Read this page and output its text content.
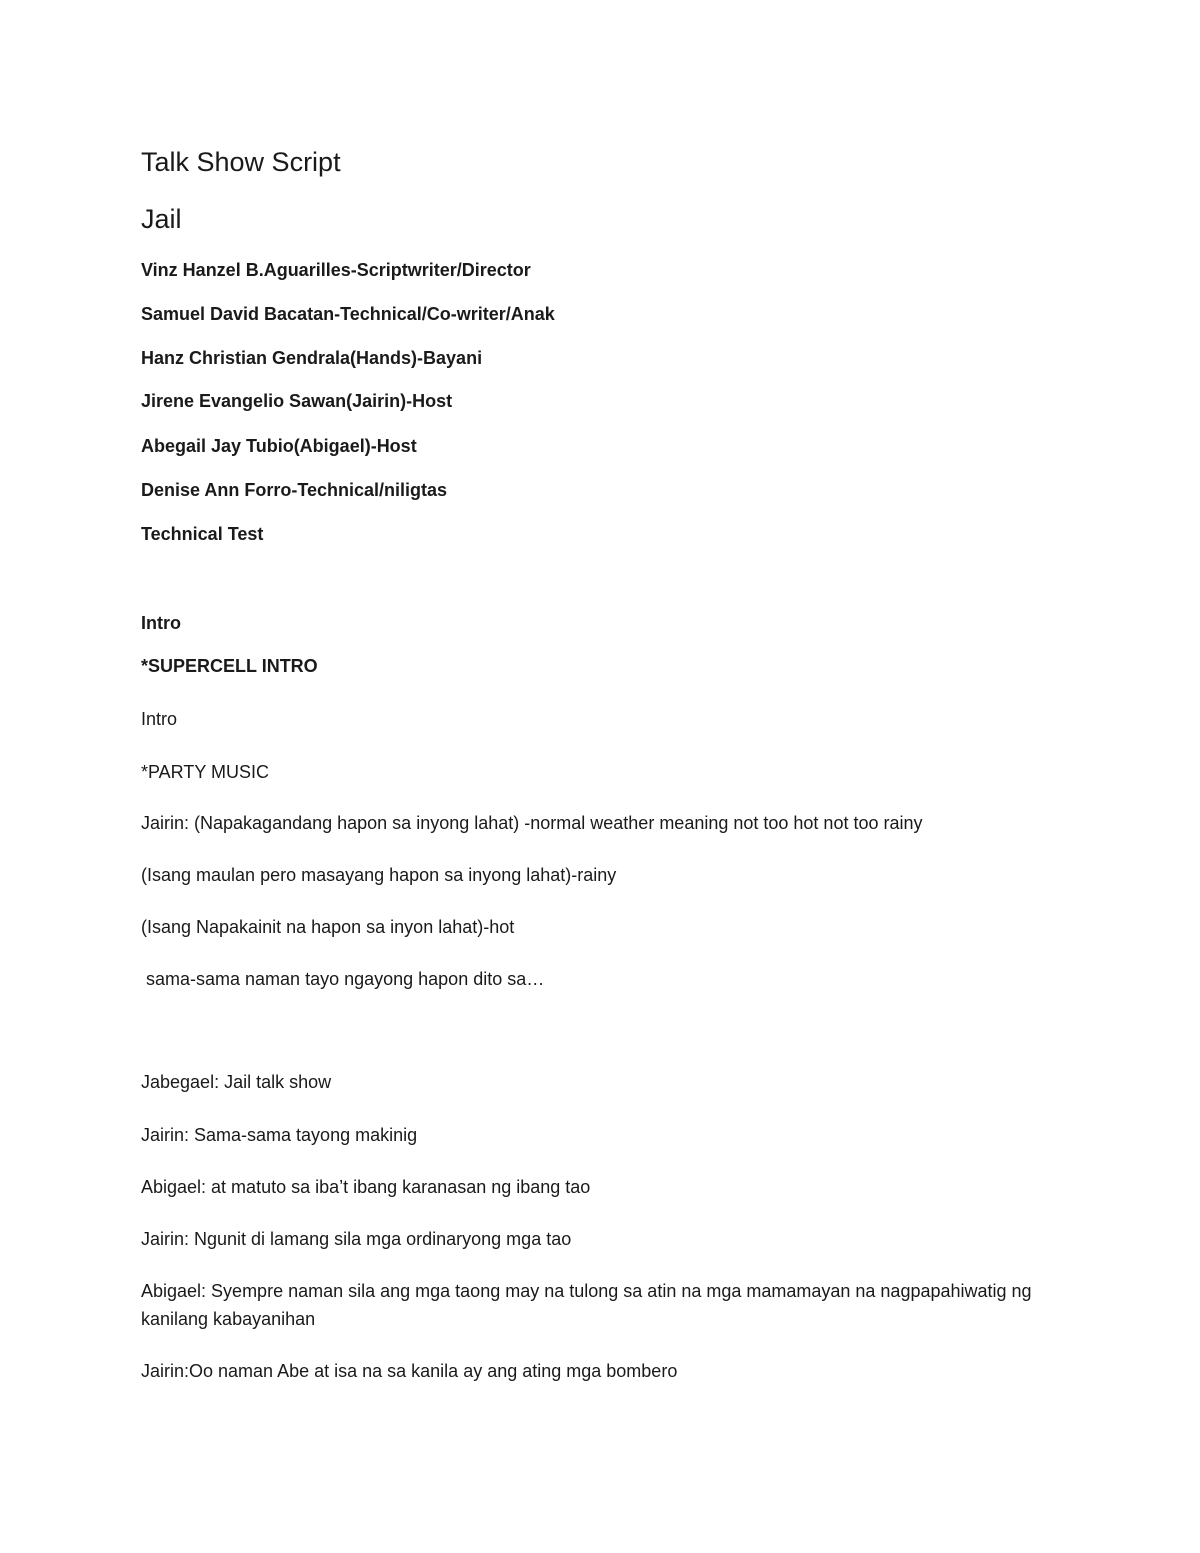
Talk Show Script
Jail
Vinz Hanzel B.Aguarilles-Scriptwriter/Director
Samuel David Bacatan-Technical/Co-writer/Anak
Hanz Christian Gendrala(Hands)-Bayani
Jirene Evangelio Sawan(Jairin)-Host
Abegail Jay Tubio(Abigael)-Host
Denise Ann Forro-Technical/niligtas
Technical Test
Intro
*SUPERCELL INTRO
Intro
*PARTY MUSIC
Jairin: (Napakagandang hapon sa inyong lahat) -normal weather meaning not too hot not too rainy
(Isang maulan pero masayang hapon sa inyong lahat)-rainy
(Isang Napakainit na hapon sa inyon lahat)-hot
sama-sama naman tayo ngayong hapon dito sa…
Jabegael: Jail talk show
Jairin: Sama-sama tayong makinig
Abigael: at matuto sa iba’t ibang karanasan ng ibang tao
Jairin: Ngunit di lamang sila mga ordinaryong mga tao
Abigael: Syempre naman sila ang mga taong may na tulong sa atin na mga mamamayan na nagpapahiwatig ng kanilang kabayanihan
Jairin:Oo naman Abe at isa na sa kanila ay ang ating mga bombero
